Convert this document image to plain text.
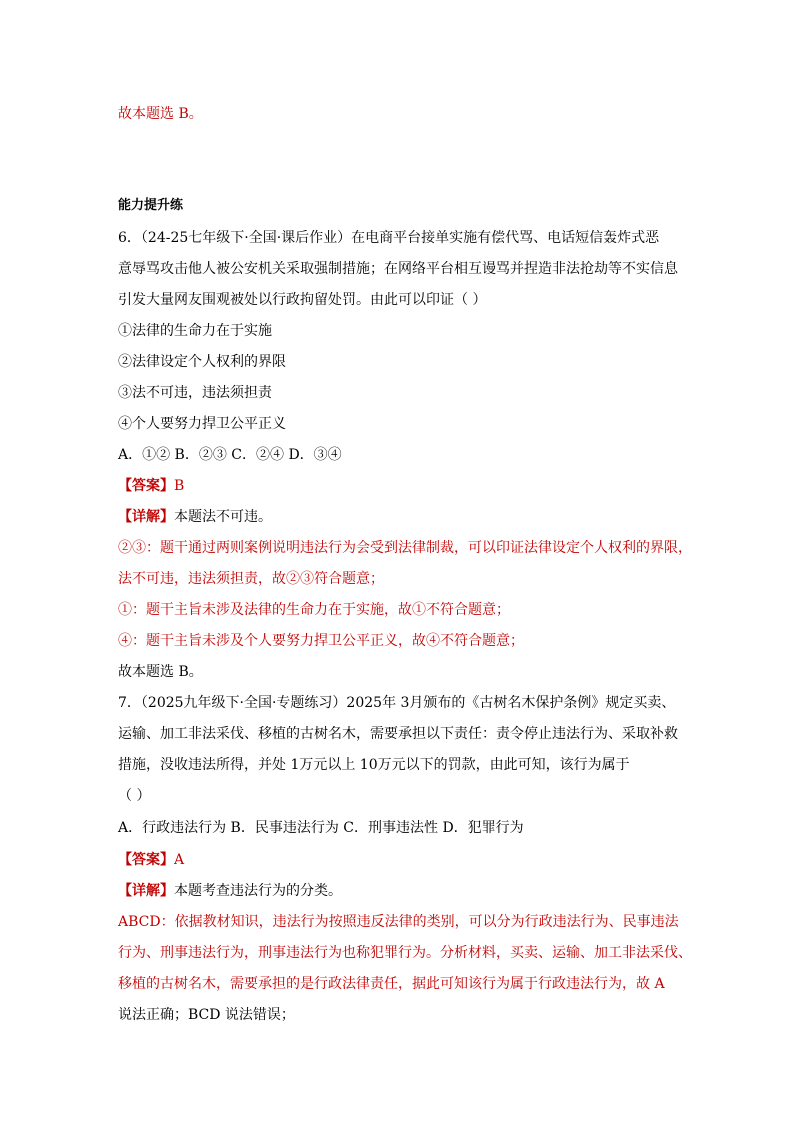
故本题选 B。
能力提升练
6．（24-25七年级下·全国·课后作业）在电商平台接单实施有偿代骂、电话短信轰炸式恶
意辱骂攻击他人被公安机关采取强制措施；在网络平台相互谩骂并捏造非法抢劫等不实信息
引发大量网友围观被处以行政拘留处罚。由此可以印证（ ）
①法律的生命力在于实施
②法律设定个人权利的界限
③法不可违，违法须担责
④个人要努力捍卫公平正义
A．①② B．②③ C．②④ D．③④
【答案】B
【详解】本题法不可违。
②③：题干通过两则案例说明违法行为会受到法律制裁，可以印证法律设定个人权利的界限，
法不可违，违法须担责，故②③符合题意；
①：题干主旨未涉及法律的生命力在于实施，故①不符合题意；
④：题干主旨未涉及个人要努力捍卫公平正义，故④不符合题意；
故本题选 B。
7．（2025九年级下·全国·专题练习）2025年 3月颁布的《古树名木保护条例》规定买卖、
运输、加工非法采伐、移植的古树名木，需要承担以下责任：责令停止违法行为、采取补救
措施，没收违法所得，并处 1万元以上 10万元以下的罚款，由此可知，该行为属于
（ ）
A．行政违法行为 B．民事违法行为 C．刑事违法性 D．犯罪行为
【答案】A
【详解】本题考查违法行为的分类。
ABCD：依据教材知识，违法行为按照违反法律的类别，可以分为行政违法行为、民事违法
行为、刑事违法行为，刑事违法行为也称犯罪行为。分析材料，买卖、运输、加工非法采伐、
移植的古树名木，需要承担的是行政法律责任，据此可知该行为属于行政违法行为，故 A
说法正确；BCD 说法错误；
